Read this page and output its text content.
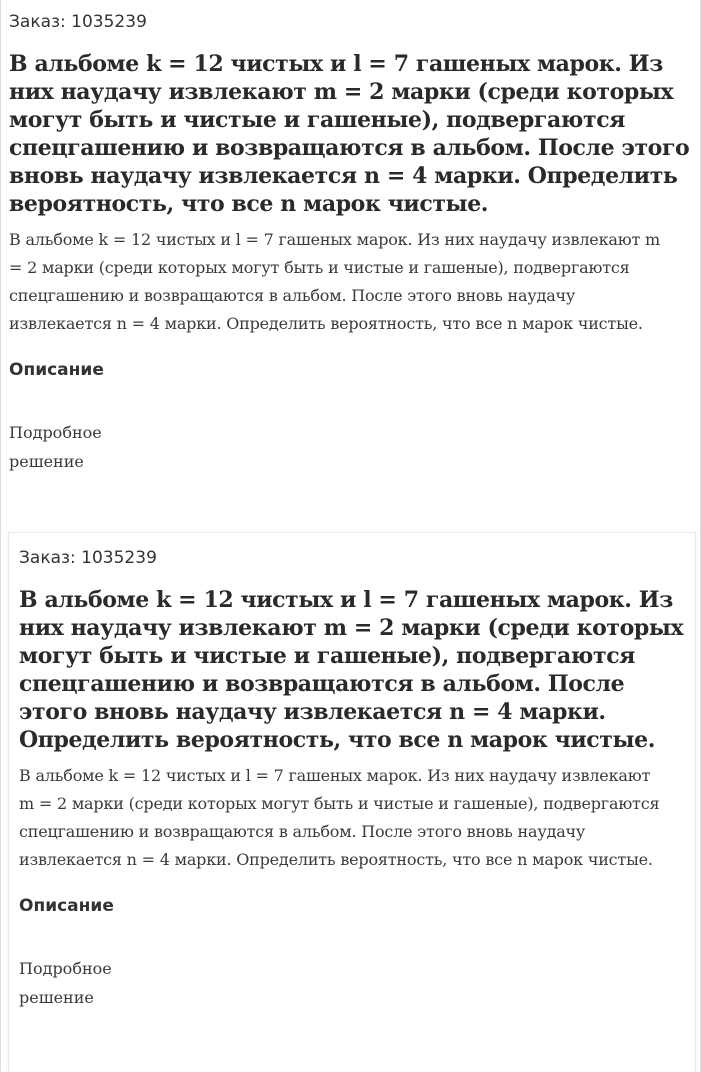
Заказ: 1035239

В альбоме k = 12 чистых и l = 7 гашеных марок. Из них наудачу извлекают m = 2 марки (среди которых могут быть и чистые и гашеные), подвергаются спецгашению и возвращаются в альбом. После этого вновь наудачу извлекается n = 4 марки. Определить вероятность, что все n марок чистые.

В альбоме k = 12 чистых и l = 7 гашеных марок. Из них наудачу извлекают m = 2 марки (среди которых могут быть и чистые и гашеные), подвергаются спецгашению и возвращаются в альбом. После этого вновь наудачу извлекается n = 4 марки. Определить вероятность, что все n марок чистые.

Описание

Подробное решение

Заказ: 1035239

В альбоме k = 12 чистых и l = 7 гашеных марок. Из них наудачу извлекают m = 2 марки (среди которых могут быть и чистые и гашеные), подвергаются спецгашению и возвращаются в альбом. После этого вновь наудачу извлекается n = 4 марки. Определить вероятность, что все n марок чистые.

В альбоме k = 12 чистых и l = 7 гашеных марок. Из них наудачу извлекают m = 2 марки (среди которых могут быть и чистые и гашеные), подвергаются спецгашению и возвращаются в альбом. После этого вновь наудачу извлекается n = 4 марки. Определить вероятность, что все n марок чистые.

Описание

Подробное решение
